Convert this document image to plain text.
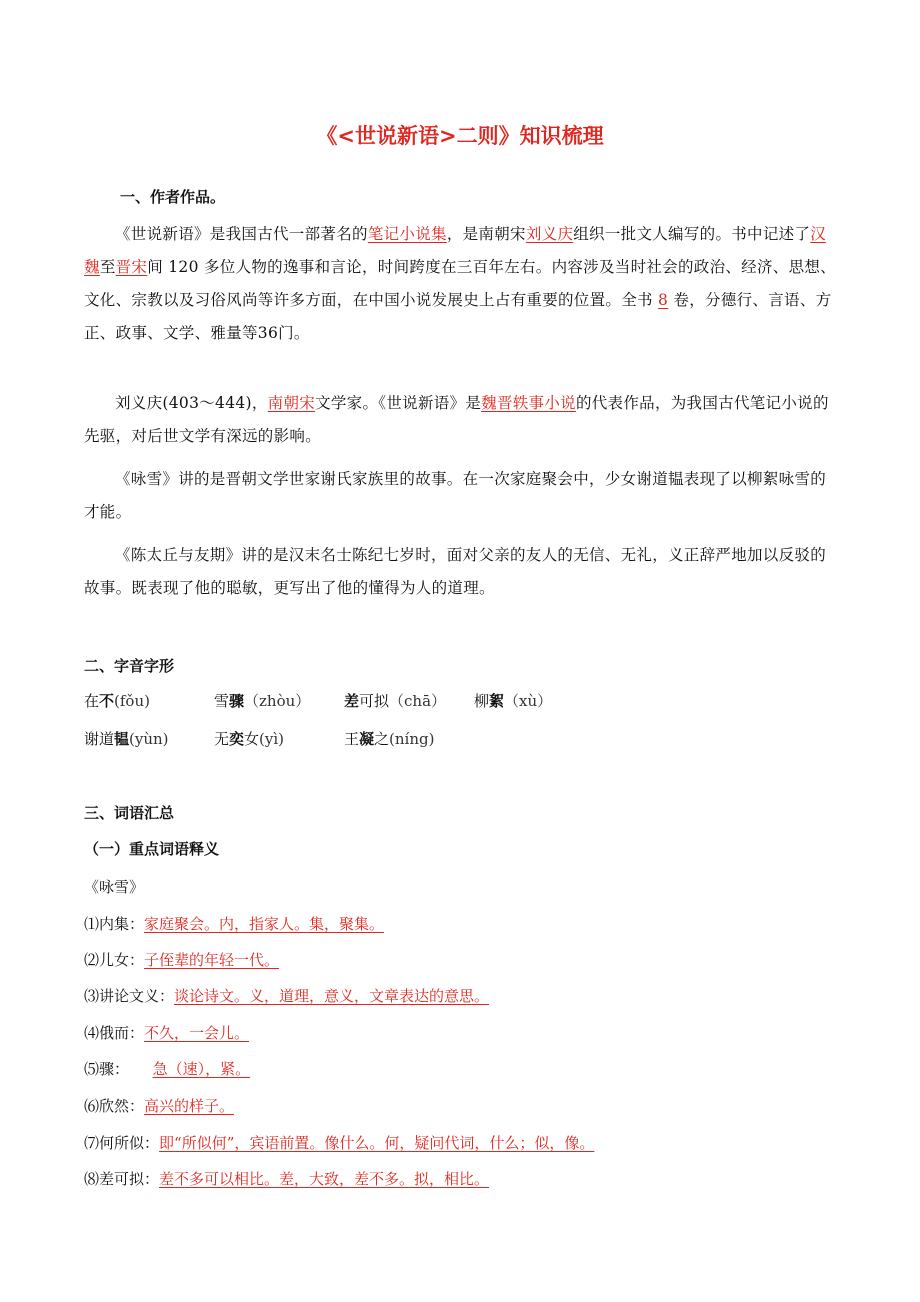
《<世说新语>二则》知识梳理
一、作者作品。
《世说新语》是我国古代一部著名的笔记小说集，是南朝宋刘义庆组织一批文人编写的。书中记述了汉魏至晋宋间 120 多位人物的逸事和言论，时间跨度在三百年左右。内容涉及当时社会的政治、经济、思想、文化、宗教以及习俗风尚等许多方面，在中国小说发展史上占有重要的位置。全书 8 卷，分德行、言语、方正、政事、文学、雅量等36门。
刘义庆(403～444)，南朝宋文学家。《世说新语》是魏晋轶事小说的代表作品，为我国古代笔记小说的先驱，对后世文学有深远的影响。
《咏雪》讲的是晋朝文学世家谢氏家族里的故事。在一次家庭聚会中，少女谢道韫表现了以柳絮咏雪的才能。
《陈太丘与友期》讲的是汉末名士陈纪七岁时，面对父亲的友人的无信、无礼，义正辞严地加以反驳的故事。既表现了他的聪敏，更写出了他的懂得为人的道理。
二、字音字形
在不(fǒu)	雪骤（zhòu） 差可拟（chā） 柳絮（xù）
谢道韫(yùn)	无奕女(yì)	王凝之(níng)
三、词语汇总
（一）重点词语释义
《咏雪》
⑴内集：家庭聚会。内，指家人。集，聚集。
⑵儿女：子侄辈的年轻一代。
⑶讲论文义：谈论诗文。义，道理，意义，文章表达的意思。
⑷俄而：不久，一会儿。
⑸骤：  急（速），紧。
⑹欣然：高兴的样子。
⑺何所似：即“所似何”，宾语前置。像什么。何，疑问代词，什么；似，像。
⑻差可拟：差不多可以相比。差，大致，差不多。拟，相比。
